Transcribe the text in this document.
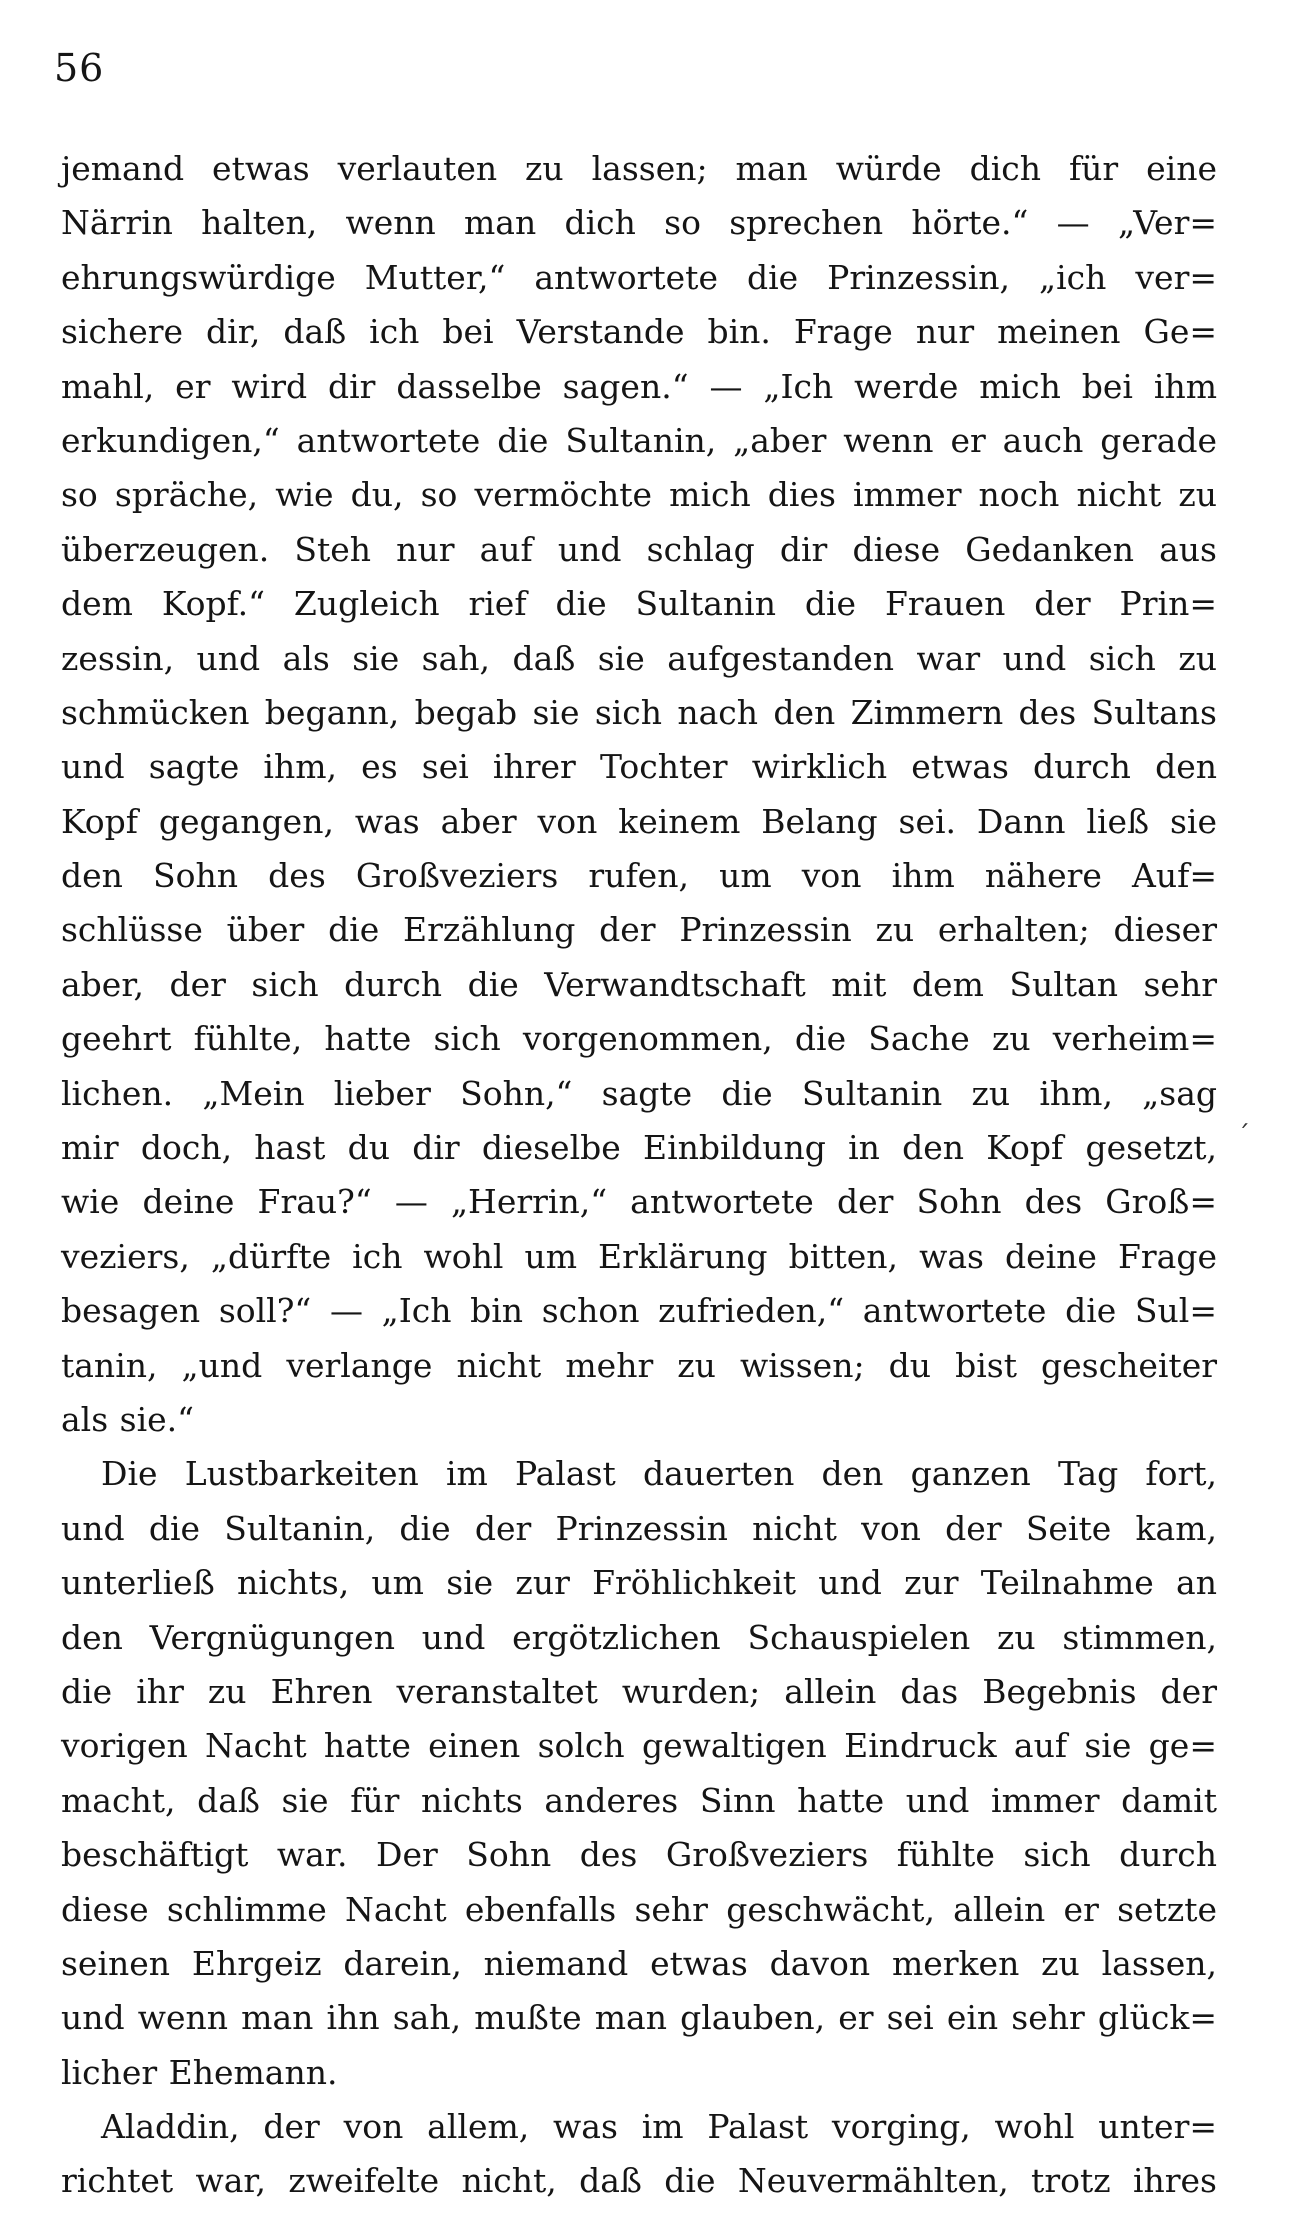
56

jemand etwas verlauten zu lassen; man würde dich für eine
Närrin halten, wenn man dich so sprechen hörte.“ — „Ver=
ehrungswürdige Mutter,“ antwortete die Prinzessin, „ich ver=
sichere dir, daß ich bei Verstande bin. Frage nur meinen Ge=
mahl, er wird dir dasselbe sagen.“ — „Ich werde mich bei ihm
erkundigen,“ antwortete die Sultanin, „aber wenn er auch gerade
so spräche, wie du, so vermöchte mich dies immer noch nicht zu
überzeugen. Steh nur auf und schlag dir diese Gedanken aus
dem Kopf.“ Zugleich rief die Sultanin die Frauen der Prin=
zessin, und als sie sah, daß sie aufgestanden war und sich zu
schmücken begann, begab sie sich nach den Zimmern des Sultans
und sagte ihm, es sei ihrer Tochter wirklich etwas durch den
Kopf gegangen, was aber von keinem Belang sei. Dann ließ sie
den Sohn des Großveziers rufen, um von ihm nähere Auf=
schlüsse über die Erzählung der Prinzessin zu erhalten; dieser
aber, der sich durch die Verwandtschaft mit dem Sultan sehr
geehrt fühlte, hatte sich vorgenommen, die Sache zu verheim=
lichen. „Mein lieber Sohn,“ sagte die Sultanin zu ihm, „sag
mir doch, hast du dir dieselbe Einbildung in den Kopf gesetzt,
wie deine Frau?“ — „Herrin,“ antwortete der Sohn des Groß=
veziers, „dürfte ich wohl um Erklärung bitten, was deine Frage
besagen soll?“ — „Ich bin schon zufrieden,“ antwortete die Sul=
tanin, „und verlange nicht mehr zu wissen; du bist gescheiter
als sie.“
Die Lustbarkeiten im Palast dauerten den ganzen Tag fort,
und die Sultanin, die der Prinzessin nicht von der Seite kam,
unterließ nichts, um sie zur Fröhlichkeit und zur Teilnahme an
den Vergnügungen und ergötzlichen Schauspielen zu stimmen,
die ihr zu Ehren veranstaltet wurden; allein das Begebnis der
vorigen Nacht hatte einen solch gewaltigen Eindruck auf sie ge=
macht, daß sie für nichts anderes Sinn hatte und immer damit
beschäftigt war. Der Sohn des Großveziers fühlte sich durch
diese schlimme Nacht ebenfalls sehr geschwächt, allein er setzte
seinen Ehrgeiz darein, niemand etwas davon merken zu lassen,
und wenn man ihn sah, mußte man glauben, er sei ein sehr glück=
licher Ehemann.
Aladdin, der von allem, was im Palast vorging, wohl unter=
richtet war, zweifelte nicht, daß die Neuvermählten, trotz ihres
´
